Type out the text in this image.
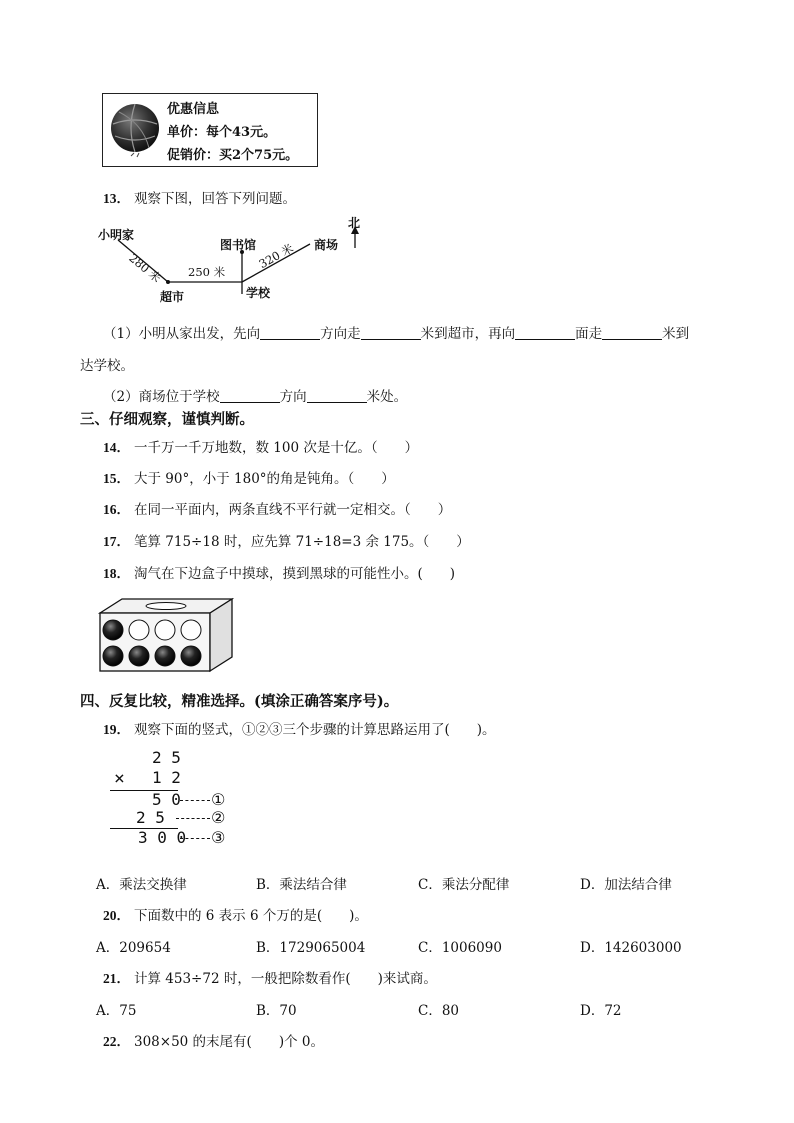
优惠信息
单价：每个43元。
促销价：买2个75元。
13． 观察下图，回答下列问题。
小明家
超市
图书馆
学校
商场
北
280 米 250 米
320 米
（1）小明从家出发，先向	方向走	米到超市，再向	面走	米到
达学校。
（2）商场位于学校	方向	米处。
三、仔细观察，谨慎判断。
14． 一千万一千万地数，数 100 次是十亿。（　　）
15． 大于 90°，小于 180°的角是钝角。（　　）
16． 在同一平面内，两条直线不平行就一定相交。（　　）
17． 笔算 715÷18 时，应先算 71÷18=3 余 175。（　　）
18． 淘气在下边盒子中摸球，摸到黑球的可能性小。(　　)
四、反复比较，精准选择。(填涂正确答案序号)。
19． 观察下面的竖式，①②③三个步骤的计算思路运用了(　　)。
2 5
× 1 2
5 0
2 5
3 0 0
①
②
③
A．乘法交换律	B．乘法结合律	C．乘法分配律	D．加法结合律
20． 下面数中的 6 表示 6 个万的是(　　)。
A．209654	B．1729065004	C．1006090	D．142603000
21． 计算 453÷72 时，一般把除数看作(　　)来试商。
A．75	B．70	C．80	D．72
22． 308×50 的末尾有(　　)个 0。
